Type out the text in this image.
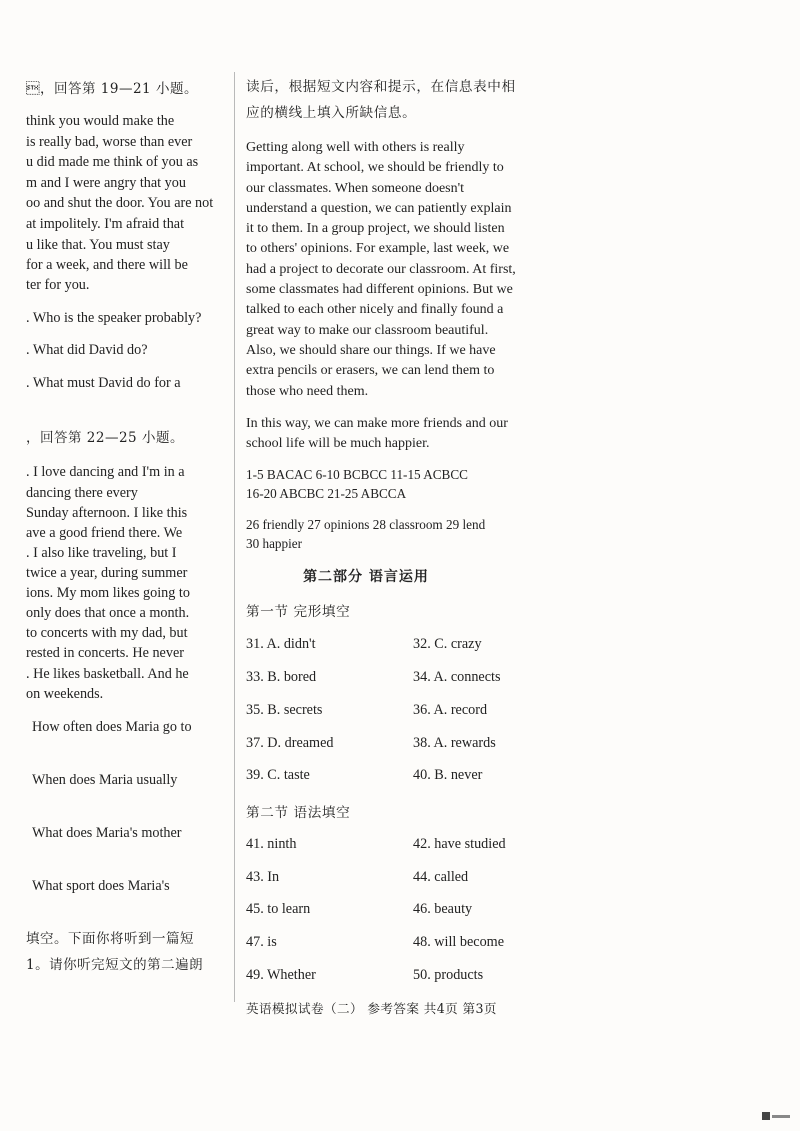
，回答第 19—21 小题。
think you would make the
is really bad, worse than ever
u did made me think of you as
m and I were angry that you
oo and shut the door. You are not
at impolitely. I'm afraid that
u like that. You must stay
for a week, and there will be
ter for you.
. Who is the speaker probably?
. What did David do?
. What must David do for a
，回答第 22—25 小题。
. I love dancing and I'm in a
dancing there every
Sunday afternoon. I like this
ave a good friend there. We
. I also like traveling, but I
twice a year, during summer
ions. My mom likes going to
only does that once a month.
to concerts with my dad, but
rested in concerts. He never
. He likes basketball. And he
on weekends.
How often does Maria go to
When does Maria usually
What does Maria's mother
What sport does Maria's
填空。下面你将听到一篇短
1。请你听完短文的第二遍朗
读后，根据短文内容和提示，在信息表中相
应的横线上填入所缺信息。
Getting along well with others is really
important. At school, we should be friendly to
our classmates. When someone doesn't
understand a question, we can patiently explain
it to them. In a group project, we should listen
to others' opinions. For example, last week, we
had a project to decorate our classroom. At first,
some classmates had different opinions. But we
talked to each other nicely and finally found a
great way to make our classroom beautiful.
Also, we should share our things. If we have
extra pencils or erasers, we can lend them to
those who need them.
In this way, we can make more friends and our
school life will be much happier.
1-5 BACAC 6-10 BCBCC 11-15 ACBCC
16-20 ABCBC 21-25 ABCCA
26 friendly 27 opinions 28 classroom 29 lend
30 happier
第二部分 语言运用
第一节 完形填空
31. A. didn't	32. C. crazy
33. B. bored	34. A. connects
35. B. secrets	36. A. record
37. D. dreamed	38. A. rewards
39. C. taste	40. B. never
第二节 语法填空
41. ninth	42. have studied
43. In	44. called
45. to learn	46. beauty
47. is	48. will become
49. Whether	50. products
英语模拟试卷（二） 参考答案 共4页 第3页
